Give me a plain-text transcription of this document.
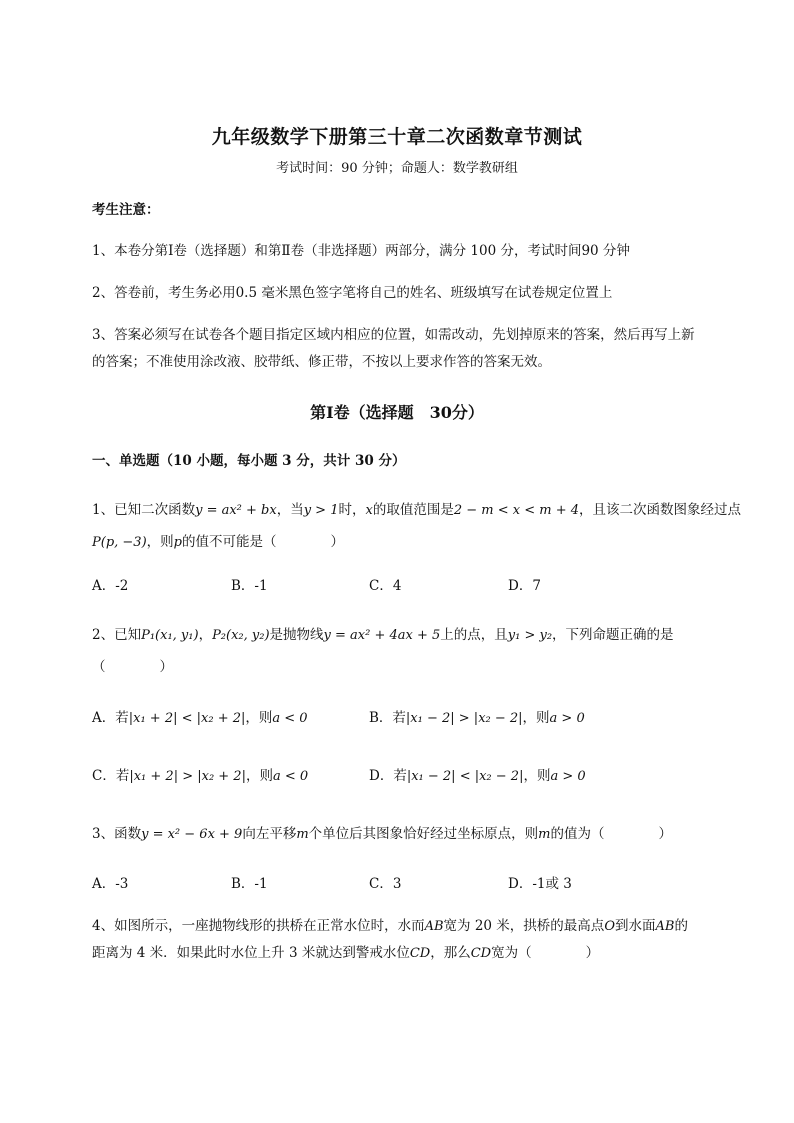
九年级数学下册第三十章二次函数章节测试
考试时间：90 分钟；命题人：数学教研组
考生注意：
1、本卷分第Ⅰ卷（选择题）和第Ⅱ卷（非选择题）两部分，满分 100 分，考试时间90 分钟
2、答卷前，考生务必用0.5 毫米黑色签字笔将自己的姓名、班级填写在试卷规定位置上
3、答案必须写在试卷各个题目指定区域内相应的位置，如需改动，先划掉原来的答案，然后再写上新
的答案；不准使用涂改液、胶带纸、修正带，不按以上要求作答的答案无效。
第Ⅰ卷（选择题　30分）
一、单选题（10 小题，每小题 3 分，共计 30 分）
1、已知二次函数y = ax² + bx，当y > 1时，x的取值范围是2 − m < x < m + 4，且该二次函数图象经过点
P(p, −3)，则p的值不可能是（　　　　）
A．-2	B．-1	C．4	D．7
2、已知P₁(x₁, y₁)，P₂(x₂, y₂)是抛物线y = ax² + 4ax + 5上的点，且y₁ > y₂，下列命题正确的是
（　　　　）
A．若|x₁ + 2| < |x₂ + 2|，则a < 0	B．若|x₁ − 2| > |x₂ − 2|，则a > 0
C．若|x₁ + 2| > |x₂ + 2|，则a < 0	D．若|x₁ − 2| < |x₂ − 2|，则a > 0
3、函数y = x² − 6x + 9向左平移m个单位后其图象恰好经过坐标原点，则m的值为（　　　　）
A．-3	B．-1	C．3	D．-1或 3
4、如图所示，一座抛物线形的拱桥在正常水位时，水而AB宽为 20 米，拱桥的最高点O到水面AB的
距离为 4 米．如果此时水位上升 3 米就达到警戒水位CD，那么CD宽为（　　　　）
